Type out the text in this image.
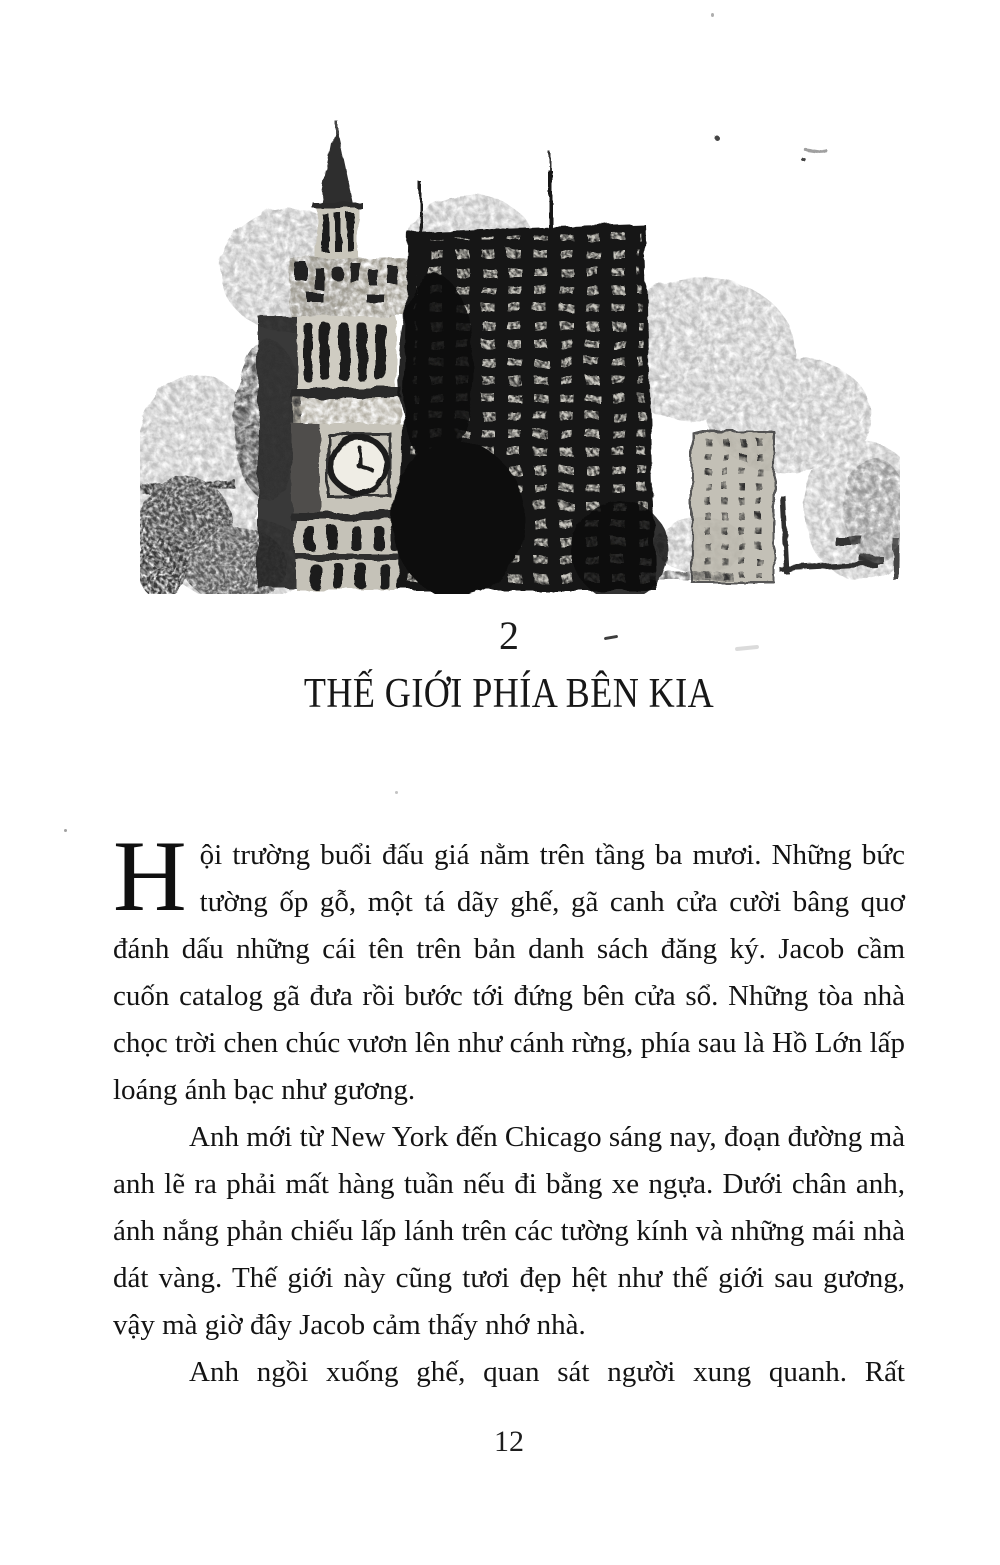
2
THẾ GIỚI PHÍA BÊN KIA

Hội trường buổi đấu giá nằm trên tầng ba mươi. Những bức tường ốp gỗ, một tá dãy ghế, gã canh cửa cười bâng quơ đánh dấu những cái tên trên bản danh sách đăng ký. Jacob cầm cuốn catalog gã đưa rồi bước tới đứng bên cửa sổ. Những tòa nhà chọc trời chen chúc vươn lên như cánh rừng, phía sau là Hồ Lớn lấp loáng ánh bạc như gương.

Anh mới từ New York đến Chicago sáng nay, đoạn đường mà anh lẽ ra phải mất hàng tuần nếu đi bằng xe ngựa. Dưới chân anh, ánh nắng phản chiếu lấp lánh trên các tường kính và những mái nhà dát vàng. Thế giới này cũng tươi đẹp hệt như thế giới sau gương, vậy mà giờ đây Jacob cảm thấy nhớ nhà.

Anh ngồi xuống ghế, quan sát người xung quanh. Rất

12
